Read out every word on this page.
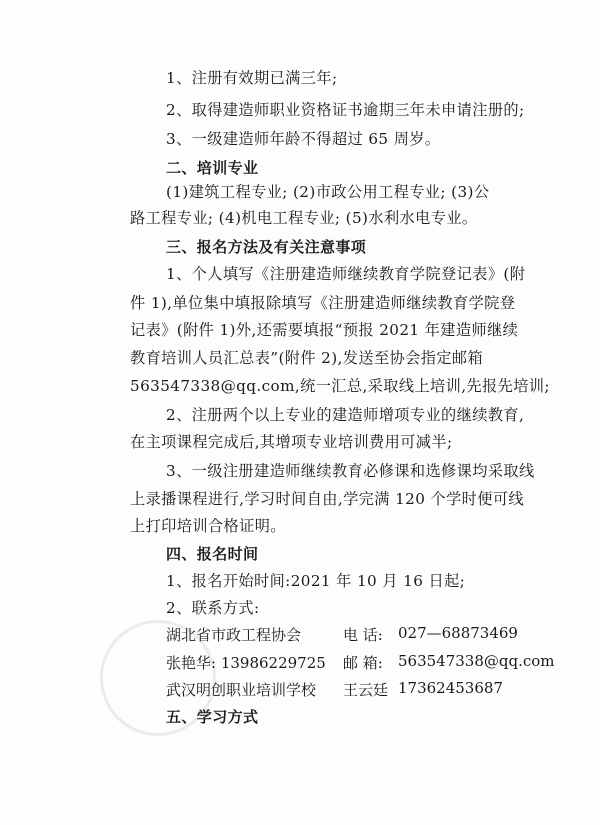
1、注册有效期已满三年;
2、取得建造师职业资格证书逾期三年未申请注册的;
3、一级建造师年龄不得超过 65 周岁。
二、培训专业
(1)建筑工程专业; (2)市政公用工程专业; (3)公
路工程专业; (4)机电工程专业; (5)水利水电专业。
三、报名方法及有关注意事项
1、个人填写《注册建造师继续教育学院登记表》(附
件 1),单位集中填报除填写《注册建造师继续教育学院登
记表》(附件 1)外,还需要填报“预报 2021 年建造师继续
教育培训人员汇总表”(附件 2),发送至协会指定邮箱
563547338@qq.com,统一汇总,采取线上培训,先报先培训;
2、注册两个以上专业的建造师增项专业的继续教育,
在主项课程完成后,其增项专业培训费用可减半;
3、一级注册建造师继续教育必修课和选修课均采取线
上录播课程进行,学习时间自由,学完满 120 个学时便可线
上打印培训合格证明。
四、报名时间
1、报名开始时间:2021 年 10 月 16 日起;
2、联系方式:
湖北省市政工程协会	电 话: 027—68873469
张艳华: 13986229725 邮 箱: 563547338@qq.com
武汉明创职业培训学校 王云廷 17362453687
五、学习方式
